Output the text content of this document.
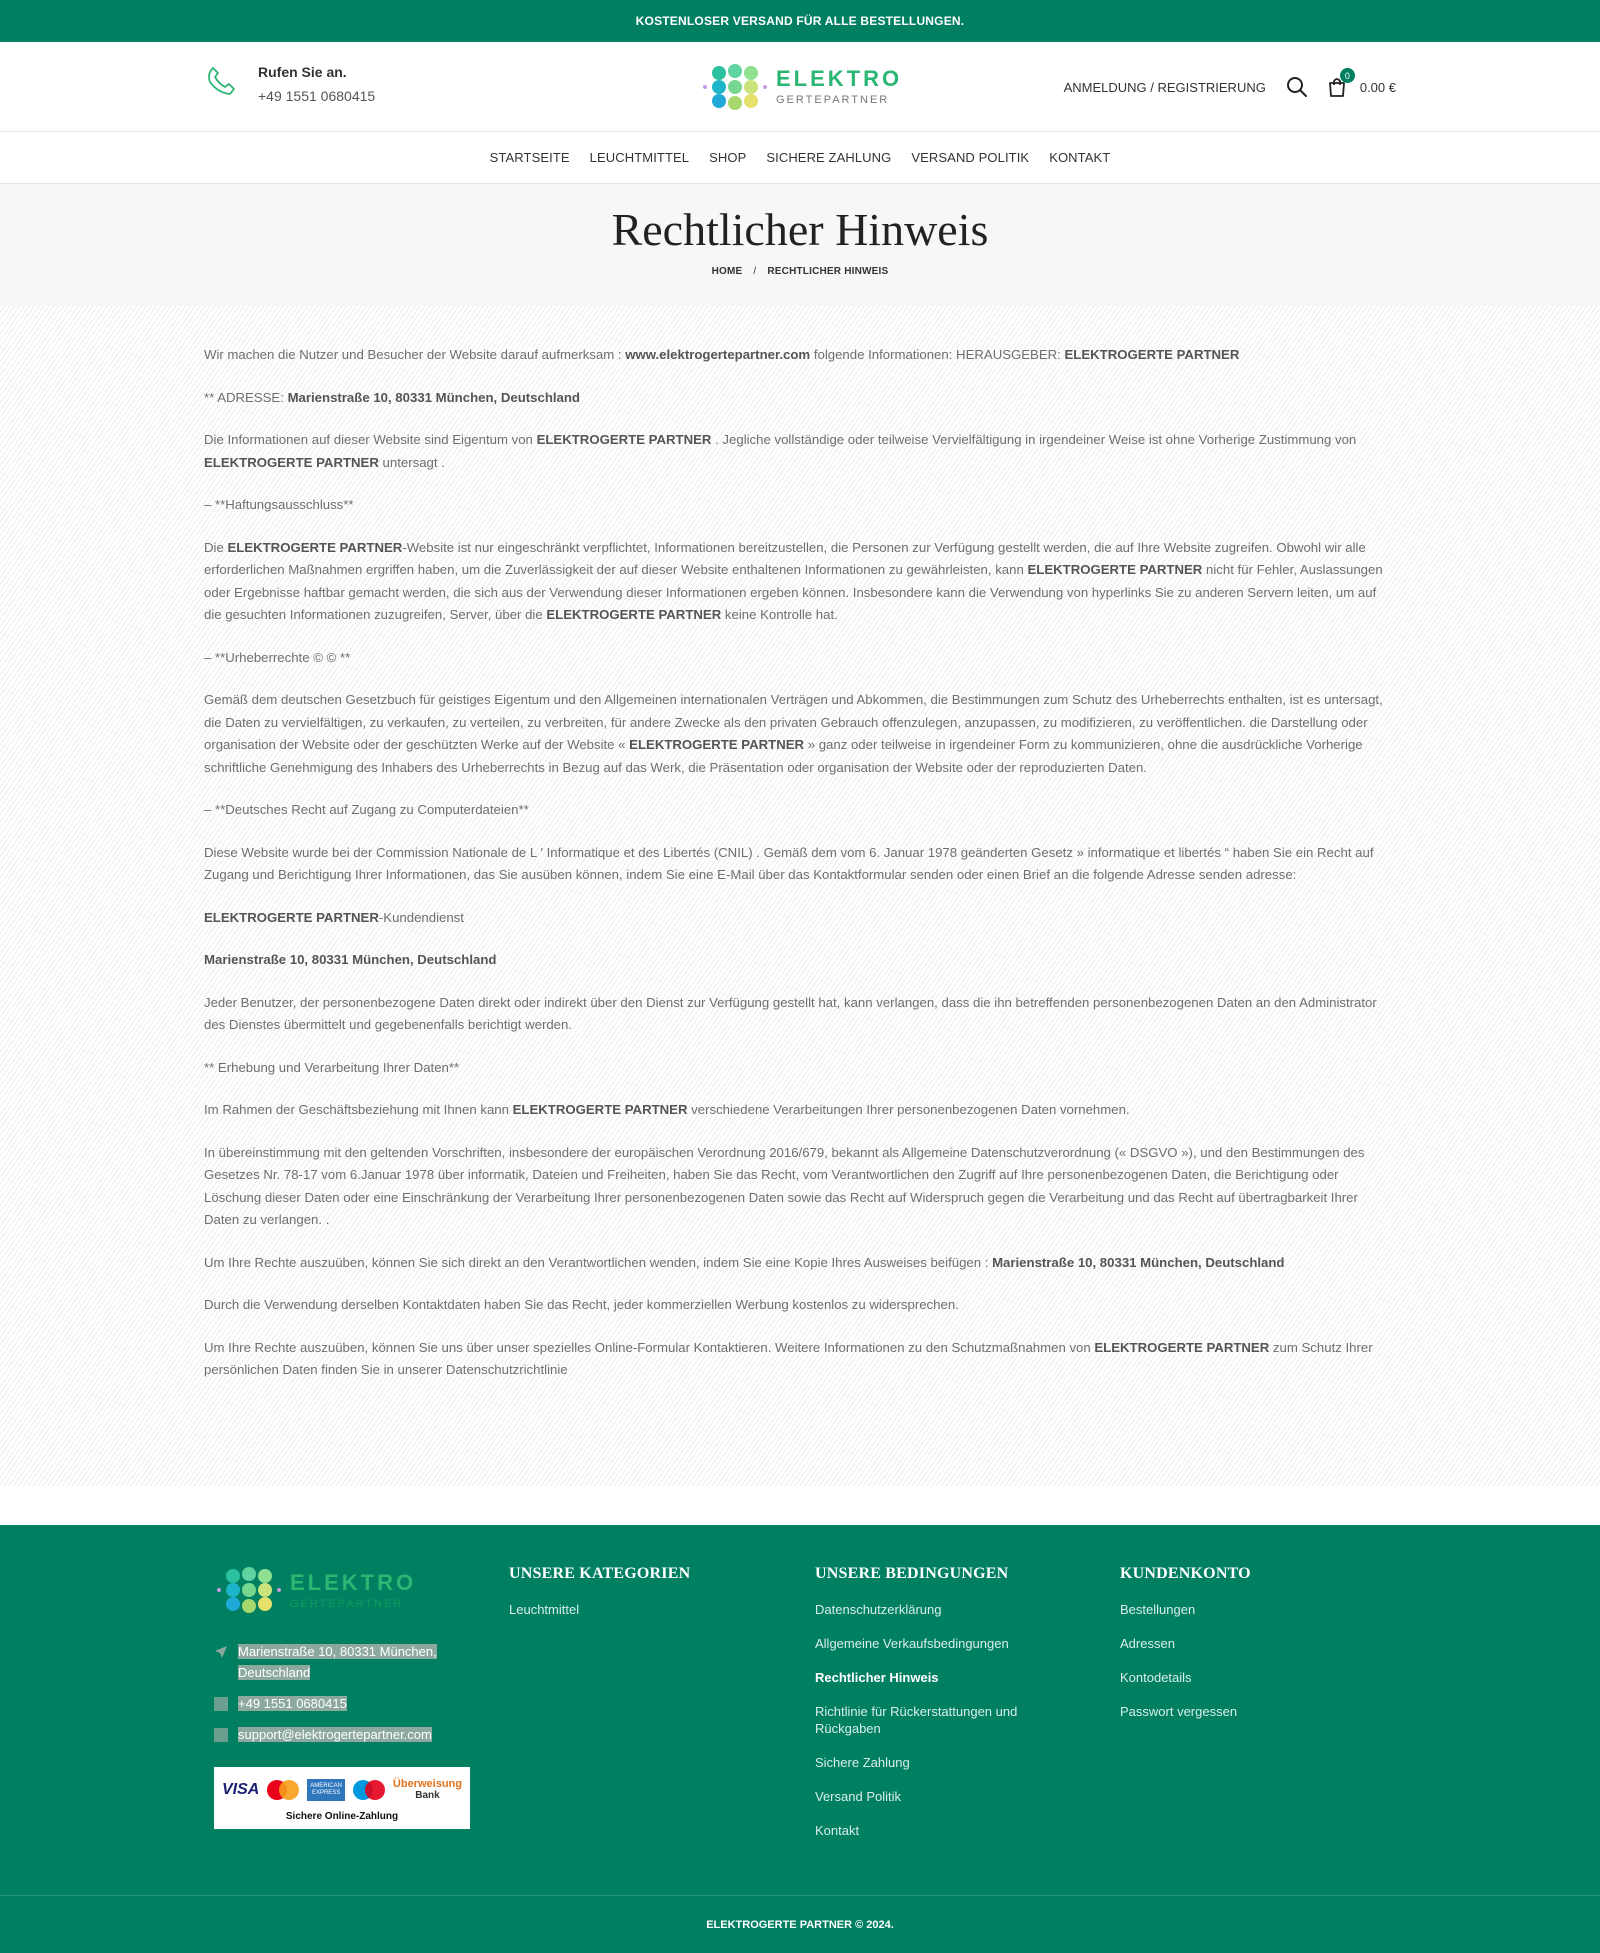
KOSTENLOSER VERSAND FÜR ALLE BESTELLUNGEN.
Rufen Sie an.
+49 1551 0680415
ELEKTRO
GERTEPARTNER
ANMELDUNG / REGISTRIERUNG
0
0.00 €
STARTSEITE LEUCHTMITTEL SHOP SICHERE ZAHLUNG VERSAND POLITIK KONTAKT
Rechtlicher Hinweis
HOME / RECHTLICHER HINWEIS

Wir machen die Nutzer und Besucher der Website darauf aufmerksam : www.elektrogertepartner.com folgende Informationen: HERAUSGEBER: ELEKTROGERTE PARTNER

** ADRESSE: Marienstraße 10, 80331 München, Deutschland

Die Informationen auf dieser Website sind Eigentum von ELEKTROGERTE PARTNER . Jegliche vollständige oder teilweise Vervielfältigung in irgendeiner Weise ist ohne Vorherige Zustimmung von ELEKTROGERTE PARTNER untersagt .

– **Haftungsausschluss**

Die ELEKTROGERTE PARTNER-Website ist nur eingeschränkt verpflichtet, Informationen bereitzustellen, die Personen zur Verfügung gestellt werden, die auf Ihre Website zugreifen. Obwohl wir alle erforderlichen Maßnahmen ergriffen haben, um die Zuverlässigkeit der auf dieser Website enthaltenen Informationen zu gewährleisten, kann ELEKTROGERTE PARTNER nicht für Fehler, Auslassungen oder Ergebnisse haftbar gemacht werden, die sich aus der Verwendung dieser Informationen ergeben können. Insbesondere kann die Verwendung von hyperlinks Sie zu anderen Servern leiten, um auf die gesuchten Informationen zuzugreifen, Server, über die ELEKTROGERTE PARTNER keine Kontrolle hat.

– **Urheberrechte © © **

Gemäß dem deutschen Gesetzbuch für geistiges Eigentum und den Allgemeinen internationalen Verträgen und Abkommen, die Bestimmungen zum Schutz des Urheberrechts enthalten, ist es untersagt, die Daten zu vervielfältigen, zu verkaufen, zu verteilen, zu verbreiten, für andere Zwecke als den privaten Gebrauch offenzulegen, anzupassen, zu modifizieren, zu veröffentlichen. die Darstellung oder organisation der Website oder der geschützten Werke auf der Website « ELEKTROGERTE PARTNER » ganz oder teilweise in irgendeiner Form zu kommunizieren, ohne die ausdrückliche Vorherige schriftliche Genehmigung des Inhabers des Urheberrechts in Bezug auf das Werk, die Präsentation oder organisation der Website oder der reproduzierten Daten.

– **Deutsches Recht auf Zugang zu Computerdateien**

Diese Website wurde bei der Commission Nationale de L ' Informatique et des Libertés (CNIL) . Gemäß dem vom 6. Januar 1978 geänderten Gesetz » informatique et libertés “ haben Sie ein Recht auf Zugang und Berichtigung Ihrer Informationen, das Sie ausüben können, indem Sie eine E-Mail über das Kontaktformular senden oder einen Brief an die folgende Adresse senden adresse:

ELEKTROGERTE PARTNER-Kundendienst

Marienstraße 10, 80331 München, Deutschland

Jeder Benutzer, der personenbezogene Daten direkt oder indirekt über den Dienst zur Verfügung gestellt hat, kann verlangen, dass die ihn betreffenden personenbezogenen Daten an den Administrator des Dienstes übermittelt und gegebenenfalls berichtigt werden.

** Erhebung und Verarbeitung Ihrer Daten**

Im Rahmen der Geschäftsbeziehung mit Ihnen kann ELEKTROGERTE PARTNER verschiedene Verarbeitungen Ihrer personenbezogenen Daten vornehmen.

In übereinstimmung mit den geltenden Vorschriften, insbesondere der europäischen Verordnung 2016/679, bekannt als Allgemeine Datenschutzverordnung (« DSGVO »), und den Bestimmungen des Gesetzes Nr. 78-17 vom 6.Januar 1978 über informatik, Dateien und Freiheiten, haben Sie das Recht, vom Verantwortlichen den Zugriff auf Ihre personenbezogenen Daten, die Berichtigung oder Löschung dieser Daten oder eine Einschränkung der Verarbeitung Ihrer personenbezogenen Daten sowie das Recht auf Widerspruch gegen die Verarbeitung und das Recht auf übertragbarkeit Ihrer Daten zu verlangen. .

Um Ihre Rechte auszuüben, können Sie sich direkt an den Verantwortlichen wenden, indem Sie eine Kopie Ihres Ausweises beifügen : Marienstraße 10, 80331 München, Deutschland

Durch die Verwendung derselben Kontaktdaten haben Sie das Recht, jeder kommerziellen Werbung kostenlos zu widersprechen.

Um Ihre Rechte auszuüben, können Sie uns über unser spezielles Online-Formular Kontaktieren. Weitere Informationen zu den Schutzmaßnahmen von ELEKTROGERTE PARTNER zum Schutz Ihrer persönlichen Daten finden Sie in unserer Datenschutzrichtlinie

ELEKTRO
GERTEPARTNER
Marienstraße 10, 80331 München, Deutschland
+49 1551 0680415
support@elektrogertepartner.com
VISA	AMERICAN EXPRESS
Überweisung
Bank
Sichere Online-Zahlung
UNSERE KATEGORIEN
Leuchtmittel
UNSERE BEDINGUNGEN
Datenschutzerklärung
Allgemeine Verkaufsbedingungen
Rechtlicher Hinweis
Richtlinie für Rückerstattungen und Rückgaben
Sichere Zahlung
Versand Politik
Kontakt
KUNDENKONTO
Bestellungen
Adressen
Kontodetails
Passwort vergessen
ELEKTROGERTE PARTNER © 2024.
